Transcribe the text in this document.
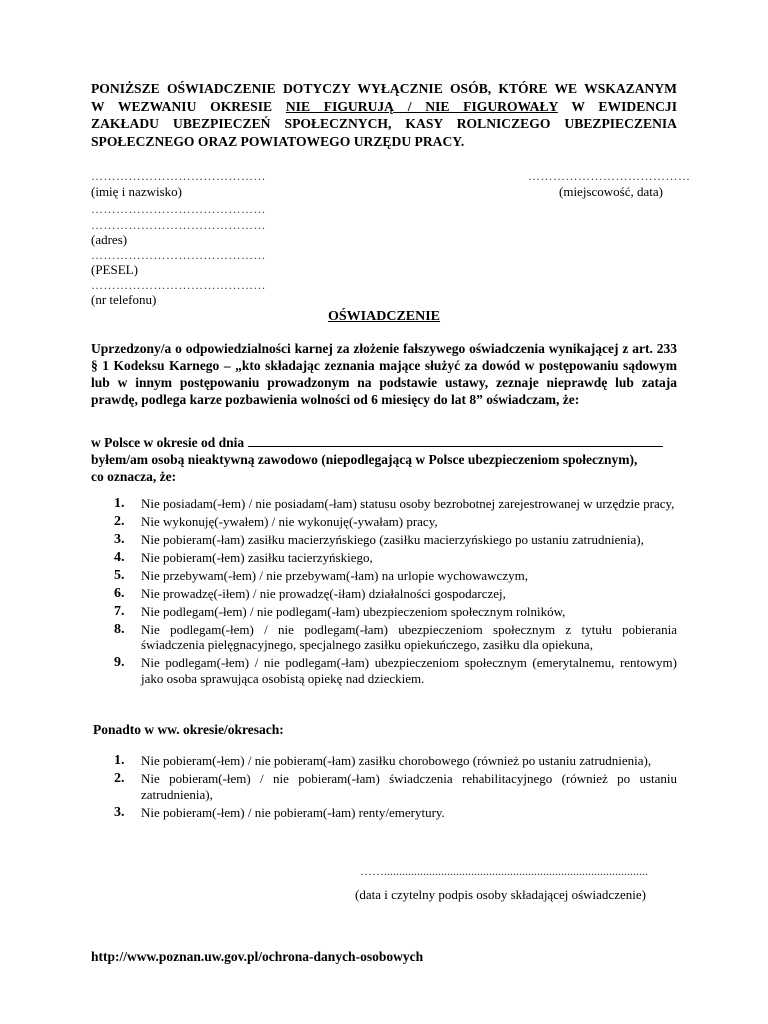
PONIŻSZE OŚWIADCZENIE DOTYCZY WYŁĄCZNIE OSÓB, KTÓRE WE WSKAZANYM
W WEZWANIU OKRESIE NIE FIGURUJĄ / NIE FIGUROWAŁY W EWIDENCJI
ZAKŁADU UBEZPIECZEŃ SPOŁECZNYCH, KASY ROLNICZEGO UBEZPIECZENIA
SPOŁECZNEGO ORAZ POWIATOWEGO URZĘDU PRACY.
……………………………………	…………………………………
(imię i nazwisko)	(miejscowość, data)
……………………………………
……………………………………
(adres)
……………………………………
(PESEL)
……………………………………
(nr telefonu)
OŚWIADCZENIE
Uprzedzony/a o odpowiedzialności karnej za złożenie fałszywego oświadczenia wynikającej z art. 233 § 1 Kodeksu Karnego – „kto składając zeznania mające służyć za dowód w postępowaniu sądowym lub w innym postępowaniu prowadzonym na podstawie ustawy, zeznaje nieprawdę lub zataja prawdę, podlega karze pozbawienia wolności od 6 miesięcy do lat 8” oświadczam, że:
w Polsce w okresie od dnia
byłem/am osobą nieaktywną zawodowo (niepodlegającą w Polsce ubezpieczeniom społecznym),
co oznacza, że:
1. Nie posiadam(-łem) / nie posiadam(-łam) statusu osoby bezrobotnej zarejestrowanej w urzędzie pracy,
2. Nie wykonuję(-ywałem) / nie wykonuję(-ywałam) pracy,
3. Nie pobieram(-łam) zasiłku macierzyńskiego (zasiłku macierzyńskiego po ustaniu zatrudnienia),
4. Nie pobieram(-łem) zasiłku tacierzyńskiego,
5. Nie przebywam(-łem) / nie przebywam(-łam) na urlopie wychowawczym,
6. Nie prowadzę(-iłem) / nie prowadzę(-iłam) działalności gospodarczej,
7. Nie podlegam(-łem) / nie podlegam(-łam) ubezpieczeniom społecznym rolników,
8. Nie podlegam(-łem) / nie podlegam(-łam) ubezpieczeniom społecznym z tytułu pobierania świadczenia pielęgnacyjnego, specjalnego zasiłku opiekuńczego, zasiłku dla opiekuna,
9. Nie podlegam(-łem) / nie podlegam(-łam) ubezpieczeniom społecznym (emerytalnemu, rentowym) jako osoba sprawująca osobistą opiekę nad dzieckiem.
Ponadto w ww. okresie/okresach:
1. Nie pobieram(-łem) / nie pobieram(-łam) zasiłku chorobowego (również po ustaniu zatrudnienia),
2. Nie pobieram(-łem) / nie pobieram(-łam) świadczenia rehabilitacyjnego (również po ustaniu zatrudnienia),
3. Nie pobieram(-łem) / nie pobieram(-łam) renty/emerytury.
……........................................................................................
(data i czytelny podpis osoby składającej oświadczenie)
http://www.poznan.uw.gov.pl/ochrona-danych-osobowych
